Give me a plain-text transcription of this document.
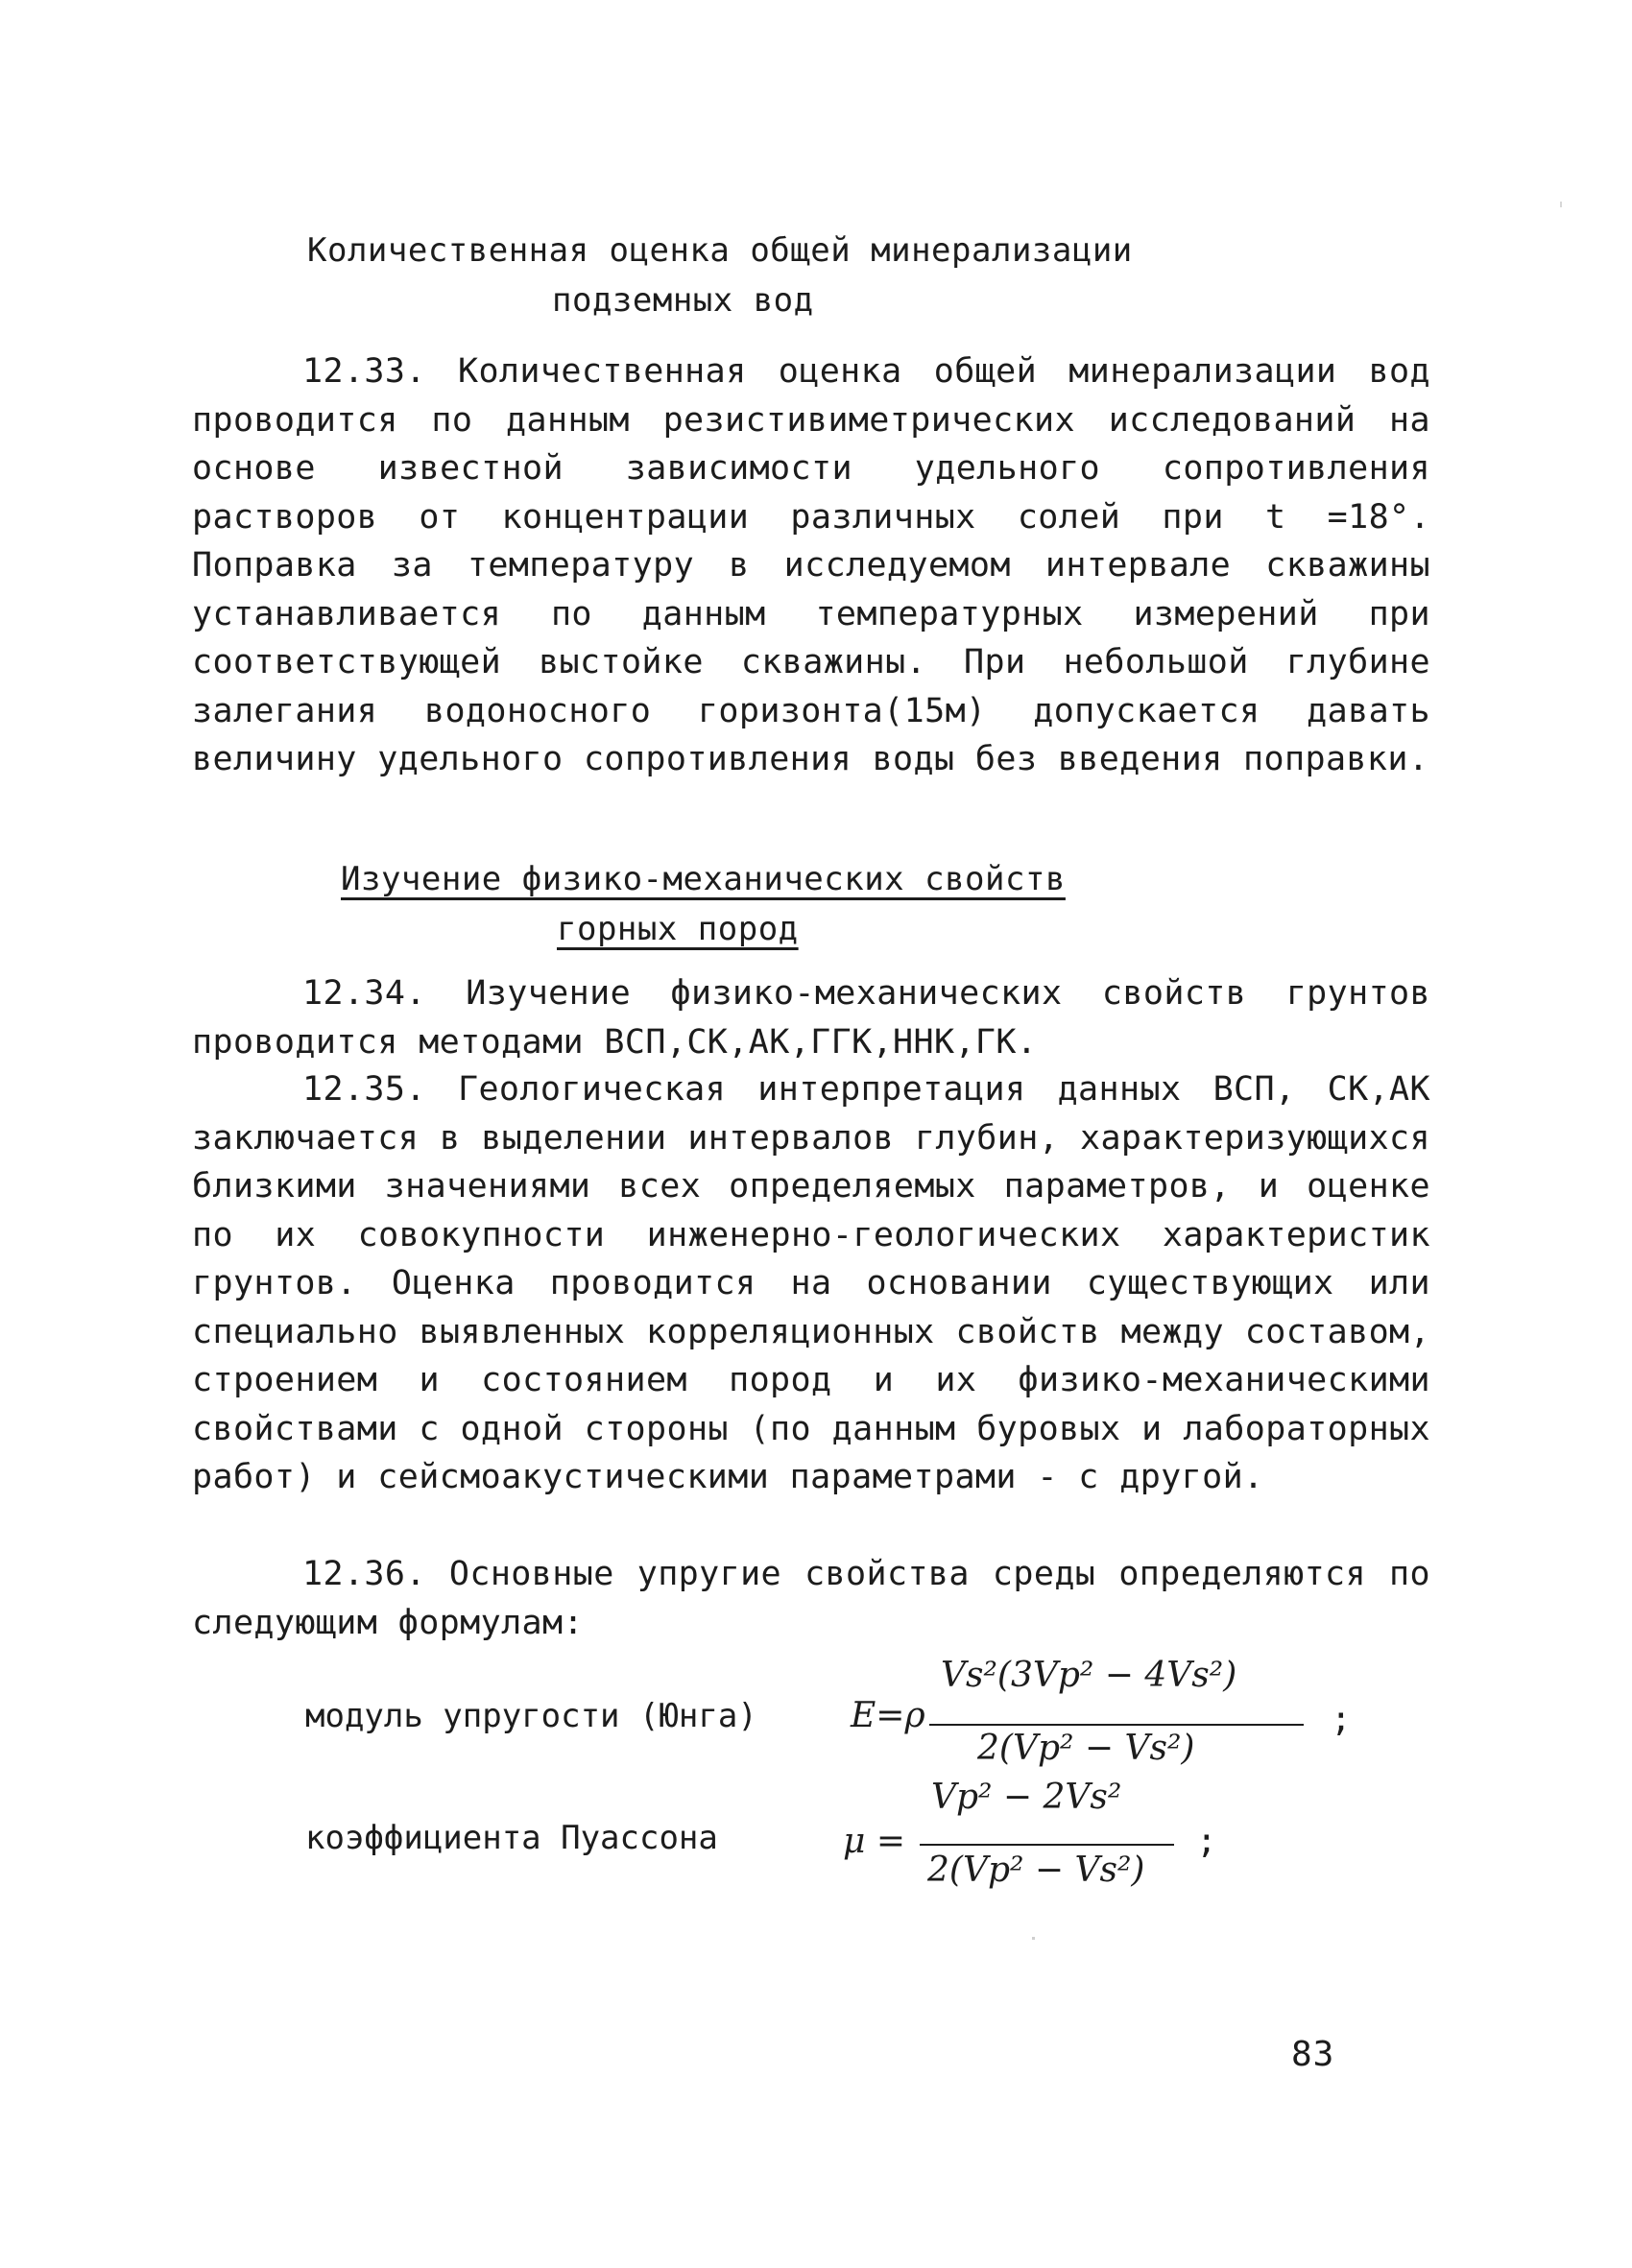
Количественная оценка общей минерализации
подземных вод
12.33. Количественная оценка общей минерализации вод проводится по данным резистивиметрических исследований на основе известной зависимости удельного сопротивления растворов от концентрации различных солей при t =18°. Поправка за температуру в исследуемом интервале скважины устанавливается по данным температурных измерений при соответствующей выстойке скважины. При небольшой глубине залегания водоносного горизонта(15м) допускается давать величину удельного сопротивления воды без введения поправки.
Изучение физико-механических свойств
горных пород
12.34. Изучение физико-механических свойств грунтов проводится методами ВСП,СК,АК,ГГК,ННК,ГК.
12.35. Геологическая интерпретация данных ВСП, СК,АК заключается в выделении интервалов глубин, характеризующихся близкими значениями всех определяемых параметров, и оценке по их совокупности инженерно-геологических характеристик грунтов. Оценка проводится на основании существующих или специально выявленных корреляционных свойств между составом, строением и состоянием пород и их физико-механическими свойствами с одной стороны (по данным буровых и лабораторных работ) и сейсмоакустическими параметрами - с другой.
12.36. Основные упругие свойства среды определяются по следующим формулам:
модуль упругости (Юнга)	E=ρ
Vs²(3Vp² − 4Vs²)
2(Vp² − Vs²)
;
коэффициента Пуассона	μ =
Vp² − 2Vs²
2(Vp² − Vs²)
;
83
